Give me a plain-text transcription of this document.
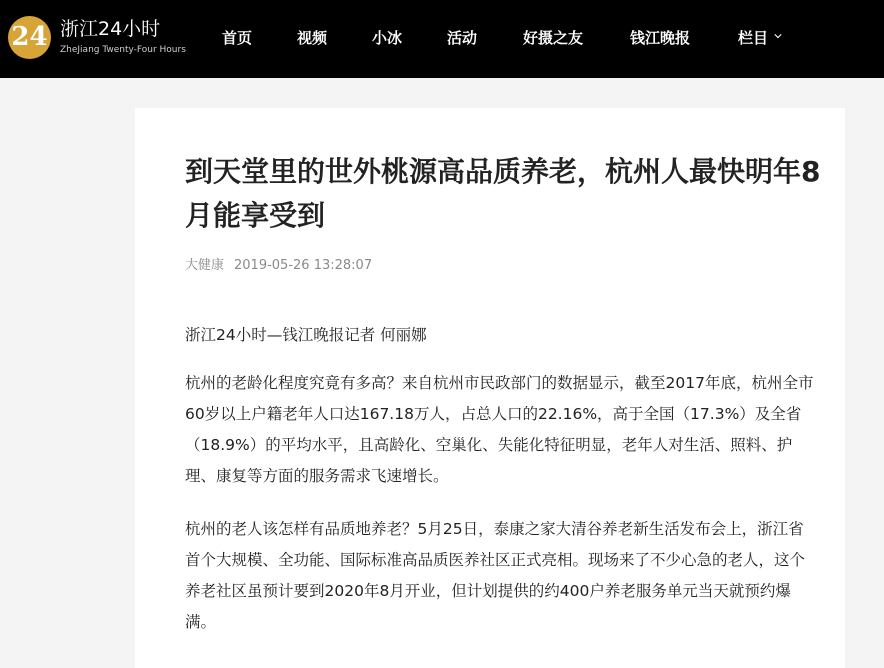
24 浙江24小时
ZheJiang Twenty-Four Hours
首页	视频	小冰	活动	好摄之友	钱江晚报	栏目
到天堂里的世外桃源高品质养老，杭州人最快明年8月能享受到
大健康 2019-05-26 13:28:07

浙江24小时—钱江晚报记者 何丽娜

杭州的老龄化程度究竟有多高？来自杭州市民政部门的数据显示，截至2017年底，杭州全市60岁以上户籍老年人口达167.18万人，占总人口的22.16%，高于全国（17.3%）及全省（18.9%）的平均水平，且高龄化、空巢化、失能化特征明显，老年人对生活、照料、护理、康复等方面的服务需求飞速增长。

杭州的老人该怎样有品质地养老？5月25日，泰康之家大清谷养老新生活发布会上，浙江省首个大规模、全功能、国际标准高品质医养社区正式亮相。现场来了不少心急的老人，这个养老社区虽预计要到2020年8月开业，但计划提供的约400户养老服务单元当天就预约爆满。
